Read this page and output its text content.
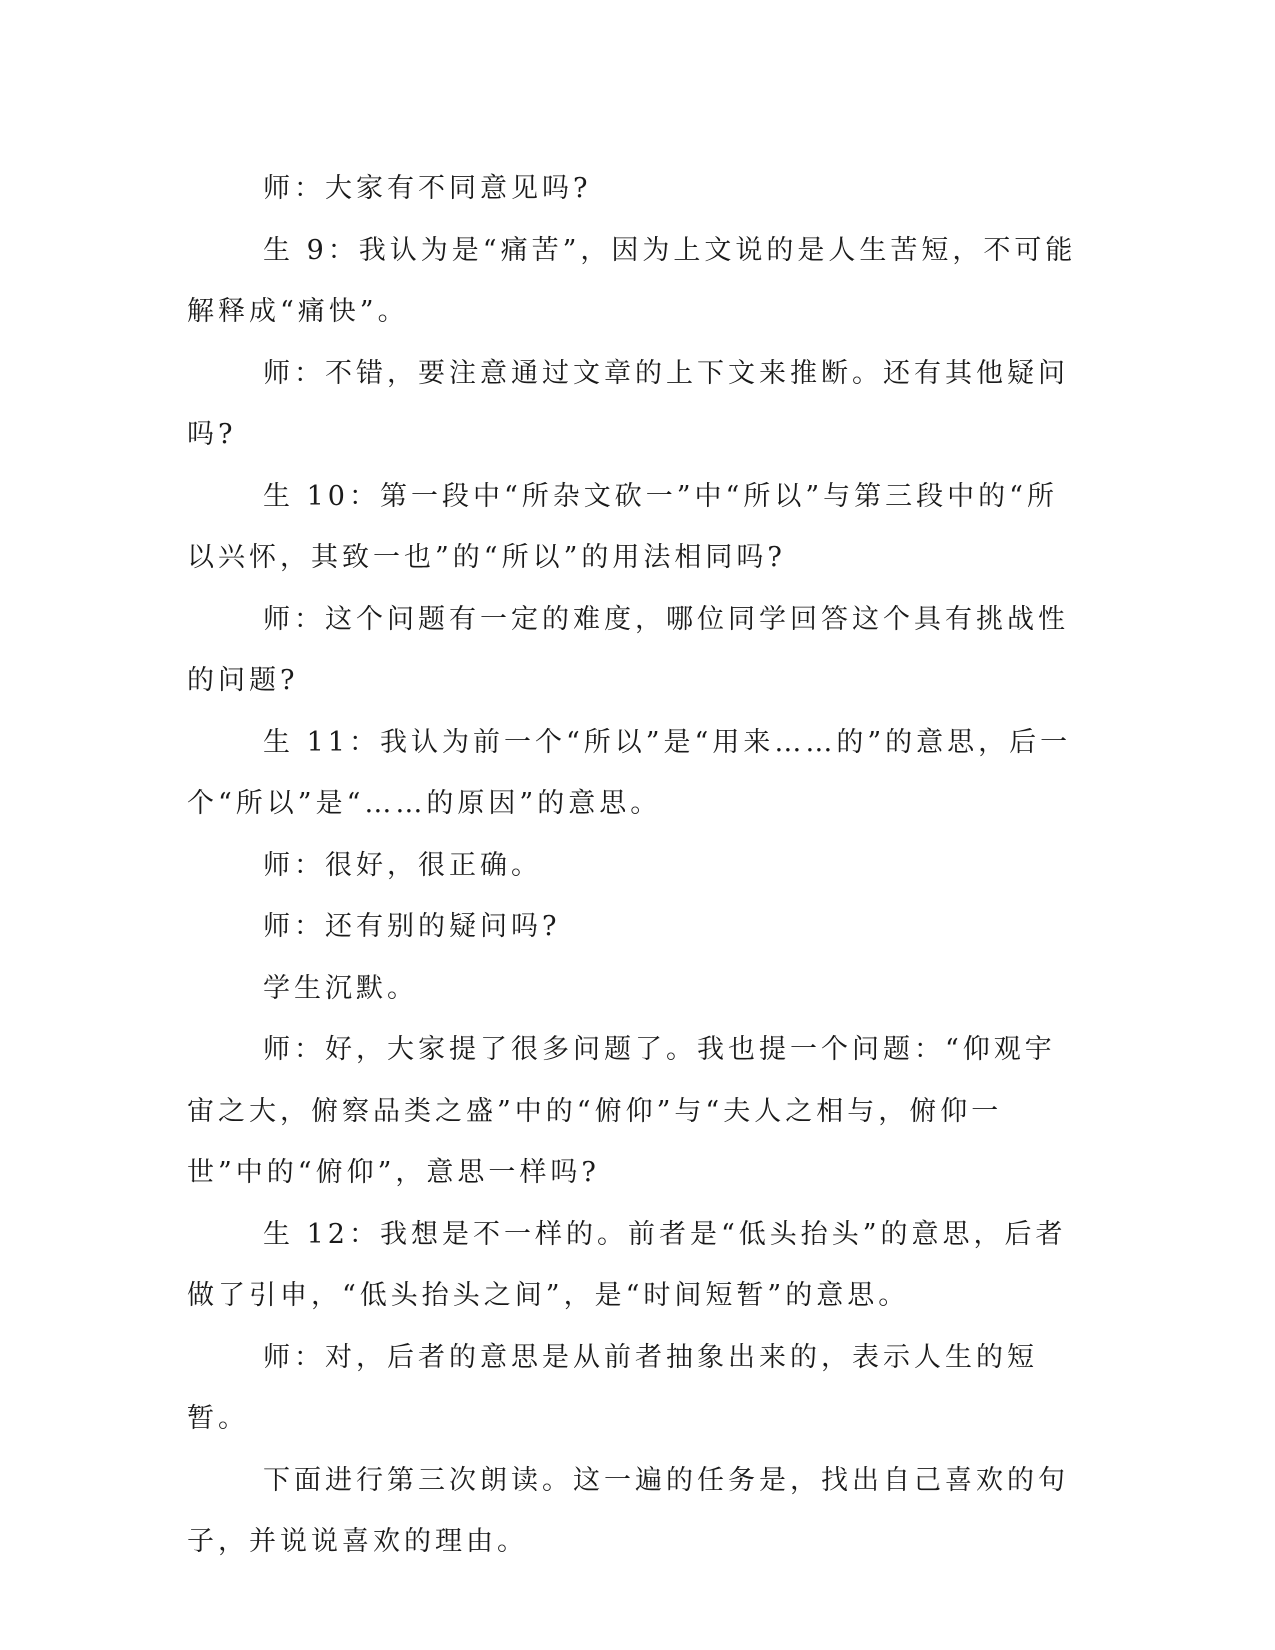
师：大家有不同意见吗?

生 9：我认为是“痛苦”，因为上文说的是人生苦短，不可能解释成“痛快”。

师：不错，要注意通过文章的上下文来推断。还有其他疑问吗?

生 10：第一段中“所杂文砍一”中“所以”与第三段中的“所以兴怀，其致一也”的“所以”的用法相同吗?

师：这个问题有一定的难度，哪位同学回答这个具有挑战性的问题?

生 11：我认为前一个“所以”是“用来……的”的意思，后一个“所以”是“……的原因”的意思。

师：很好，很正确。

师：还有别的疑问吗?

学生沉默。

师：好，大家提了很多问题了。我也提一个问题：“仰观宇宙之大，俯察品类之盛”中的“俯仰”与“夫人之相与，俯仰一世”中的“俯仰”，意思一样吗?

生 12：我想是不一样的。前者是“低头抬头”的意思，后者做了引申，“低头抬头之间”，是“时间短暂”的意思。

师：对，后者的意思是从前者抽象出来的，表示人生的短暂。

下面进行第三次朗读。这一遍的任务是，找出自己喜欢的句子，并说说喜欢的理由。
